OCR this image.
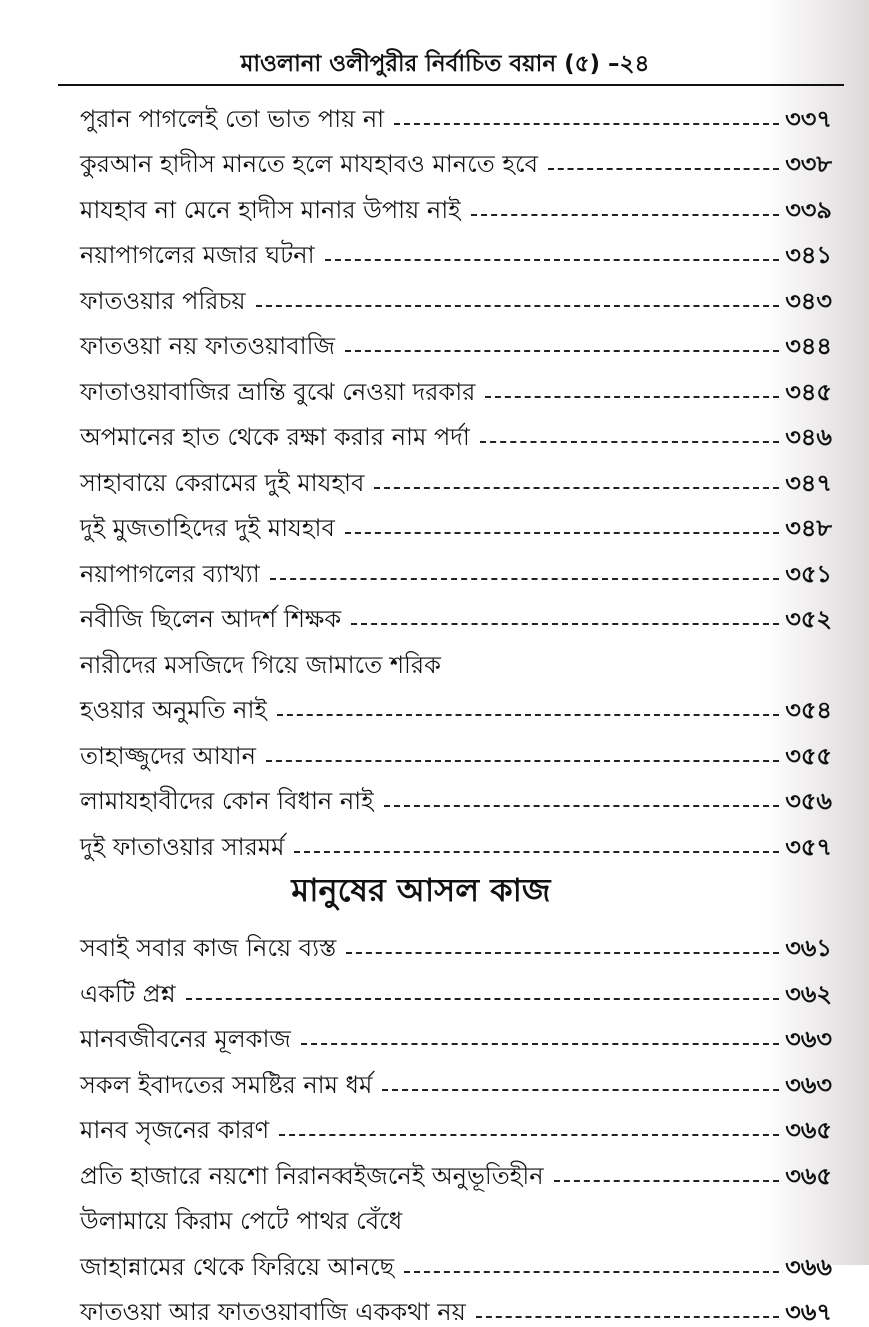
মাওলানা ওলীপুরীর নির্বাচিত বয়ান (৫) –২৪
পুরান পাগলেই তো ভাত পায় না	৩৩৭
কুরআন হাদীস মানতে হলে মাযহাবও মানতে হবে	৩৩৮
মাযহাব না মেনে হাদীস মানার উপায় নাই	৩৩৯
নয়াপাগলের মজার ঘটনা	৩৪১
ফাতওয়ার পরিচয়	৩৪৩
ফাতওয়া নয় ফাতওয়াবাজি	৩৪৪
ফাতাওয়াবাজির ভ্রান্তি বুঝে নেওয়া দরকার	৩৪৫
অপমানের হাত থেকে রক্ষা করার নাম পর্দা	৩৪৬
সাহাবায়ে কেরামের দুই মাযহাব	৩৪৭
দুই মুজতাহিদের দুই মাযহাব	৩৪৮
নয়াপাগলের ব্যাখ্যা	৩৫১
নবীজি ছিলেন আদর্শ শিক্ষক	৩৫২
নারীদের মসজিদে গিয়ে জামাতে শরিক
হওয়ার অনুমতি নাই	৩৫৪
তাহাজ্জুদের আযান	৩৫৫
লামাযহাবীদের কোন বিধান নাই	৩৫৬
দুই ফাতাওয়ার সারমর্ম	৩৫৭
মানুষের আসল কাজ
সবাই সবার কাজ নিয়ে ব্যস্ত	৩৬১
একটি প্রশ্ন	৩৬২
মানবজীবনের মূলকাজ	৩৬৩
সকল ইবাদতের সমষ্টির নাম ধর্ম	৩৬৩
মানব সৃজনের কারণ	৩৬৫
প্রতি হাজারে নয়শো নিরানব্বইজনেই অনুভূতিহীন	৩৬৫
উলামায়ে কিরাম পেটে পাথর বেঁধে
জাহান্নামের থেকে ফিরিয়ে আনছে	৩৬৬
ফাতওয়া আর ফাতওয়াবাজি এককথা নয়	৩৬৭
